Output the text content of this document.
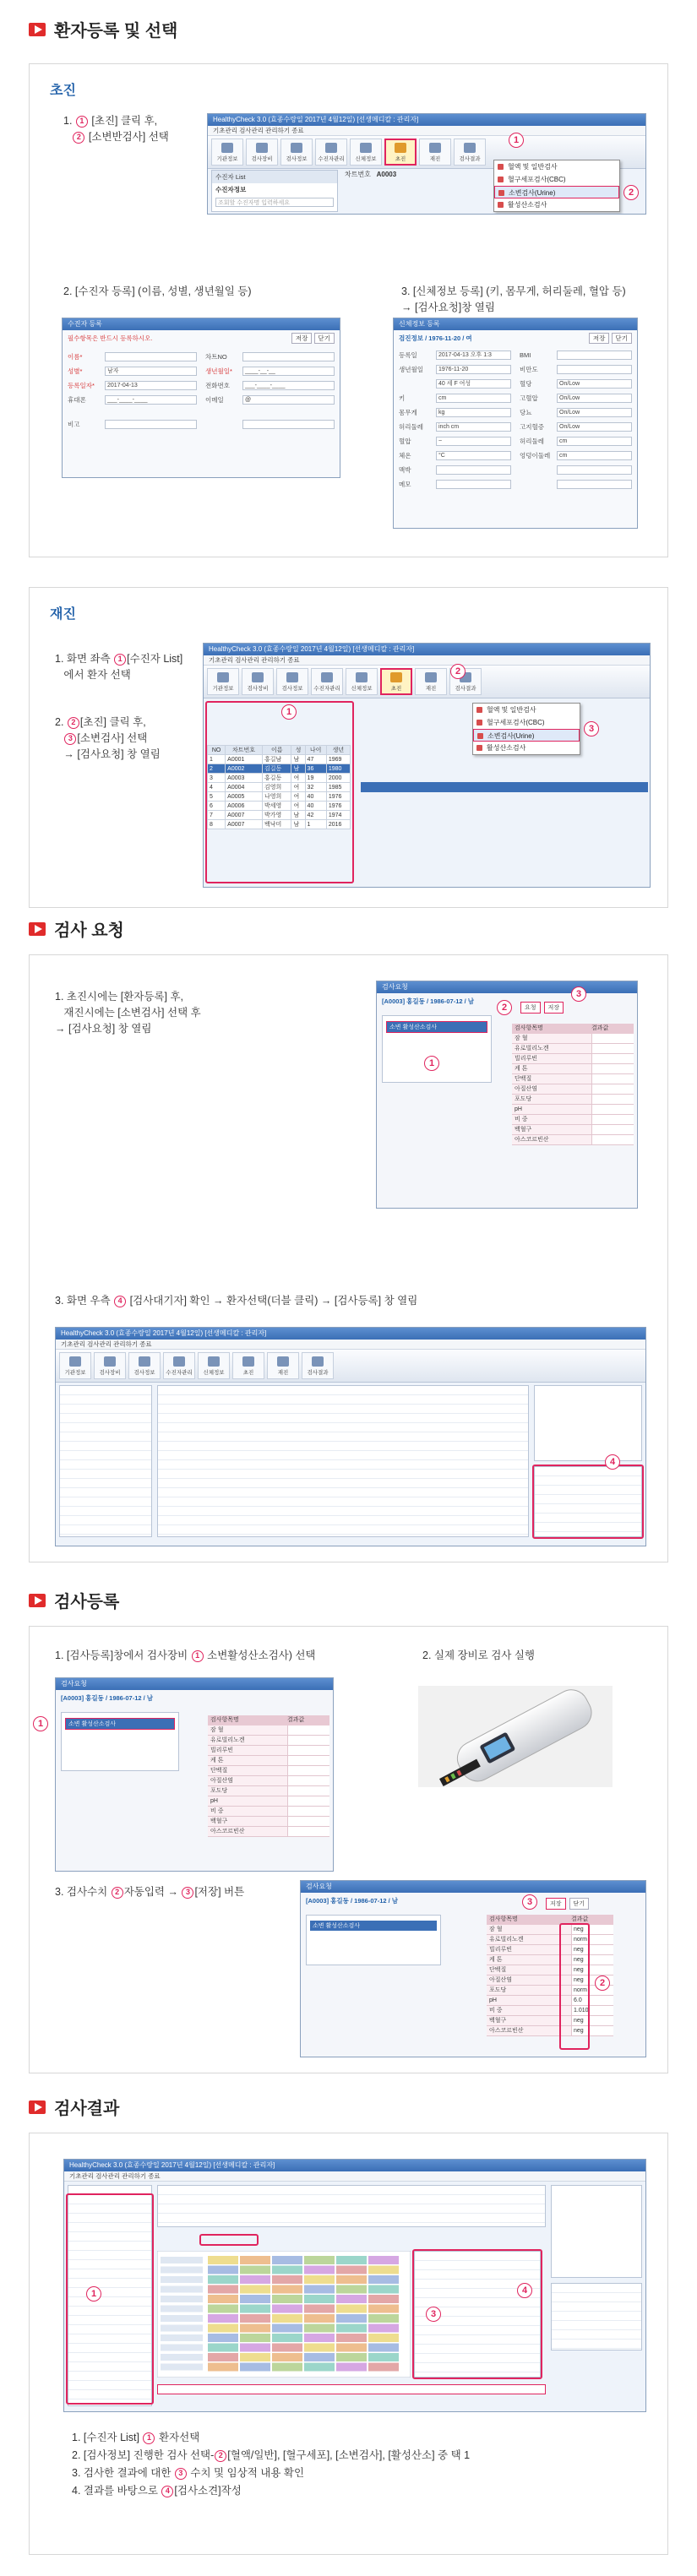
환자등록 및 선택
초진
1. 1 [초진] 클릭 후,
2 [소변반검사] 선택
HealthyCheck 3.0 (효종수랑일 2017년 4월12일) [선생메디칼 : 관리자]
기초관리 검사관리 관리하기 종료
기관정보 검사장비 검사정보 수진자관리 신체정보	초진	재진	검사결과
수진자 List
수진자정보
조회할 수진자명 입력하세요
차트번호   A0003
혈액 및 일반검사
혈구세포검사(CBC)
소변검사(Urine)
활성산소검사
1
2
2. [수진자 등록] (이름, 성별, 생년월일 등)	3. [신체정보 등록] (키, 몸무게, 허리둘레, 혈압 등)
→ [검사요청]창 열림
수진자 등록
필수항목은 반드시 등록하시오.	저장 닫기
이름*	차트NO
성별*	남자	생년월일*	____-__-__
등록일자*	2017-04-13	전화번호	___-____-____
휴대폰	___-____-____	이메일	@
비고
신체정보 등록
검진정보 / 1976-11-20 / 여	저장 닫기
등록일	2017-04-13 오후 1:3	BMI
생년월일	1976-11-20	비만도
40 세 F 여성	혈당	On/Low
키	cm	고혈압	On/Low
몸무게	kg	당뇨	On/Low
허리둘레	inch cm	고지혈증	On/Low
혈압	~	허리둘레	cm
체온	°C	엉덩이둘레	cm
맥박
메모
재진
1. 화면 좌측 1 [수진자 List]
에서 환자 선택
2. 2 [초진] 클릭 후,
3 [소변검사] 선택
→ [검사요청] 창 열림
HealthyCheck 3.0 (효종수랑일 2017년 4월12일) [선생메디칼 : 관리자]
기초관리 검사관리 관리하기 종료
기관정보 검사장비 검사정보 수진자관리 신체정보	초진	재진	검사결과
NO	차트번호	이름	성	나이	생년
1	A0001	홍길남	남	47	1969
2	A0002	김길동	남	36	1980
3	A0003	홍길동	여	19	2000
4	A0004	김영희	여	32	1985
5	A0005	나영희	여	40	1976
6	A0006	박세영	여	40	1976
7	A0007	박가영	남	42	1974
8	A0007	백낙미	남	1	2016
1	혈액 및 일반검사
혈구세포검사(CBC)
소변검사(Urine)
활성산소검사
2
3
검사 요청
1. 초진시에는 [환자등록] 후,
재진시에는 [소변검사] 선택 후
→ [검사요청] 창 열림
검사요청
[A0003] 홍길동 / 1986-07-12 / 남
소변 활성산소검사
요청	저장
검사항목명	결과값
잠 혈
유로빌리노겐
빌리루빈
케 톤
단백질
아질산염
포도당
pH
비 중
백혈구
아스코르빈산
2
3
1
3. 화면 우측 4 [검사대기자] 확인 → 환자선택(더블 클릭) → [검사등록] 창 열림
HealthyCheck 3.0 (효종수랑일 2017년 4월12일) [선생메디칼 : 관리자]
기초관리 검사관리 관리하기 종료
기관정보 검사장비 검사정보 수진자관리 신체정보	초진	재진	검사결과
4
검사등록
1. [검사등록]창에서 검사장비 1 소변활성산소검사) 선택	2. 실제 장비로 검사 실행
검사요청
[A0003] 홍길동 / 1986-07-12 / 남
소변 활성산소검사
검사항목명	결과값
잠 혈
유로빌리노겐
빌리루빈
케 톤
단백질
아질산염
포도당
pH
비 중
백혈구
아스코르빈산
1
3. 검사수치 2 자동입력 → 3 [저장] 버튼	검사요청
[A0003] 홍길동 / 1986-07-12 / 남
소변 활성산소검사
저장	닫기
검사항목명	결과값
잠 혈	neg
유로빌리노겐	norm
빌리루빈	neg
케 톤	neg
단백질	neg
아질산염	neg
포도당	norm
pH	6.0
비 중	1.010
백혈구	neg
아스코르빈산	neg
2
3
검사결과
HealthyCheck 3.0 (효종수랑일 2017년 4월12일) [선생메디칼 : 관리자]
기초관리 검사관리 관리하기 종료
1
3
4
1. [수진자 List] 1 환자선택
2. [검사정보] 진행한 검사 선택- 2 [혈액/일반], [혈구세포], [소변검사], [활성산소] 중 택 1
3. 검사한 결과에 대한 3 수치 및 임상적 내용 확인
4. 결과를 바탕으로 4 [검사소견]작성
